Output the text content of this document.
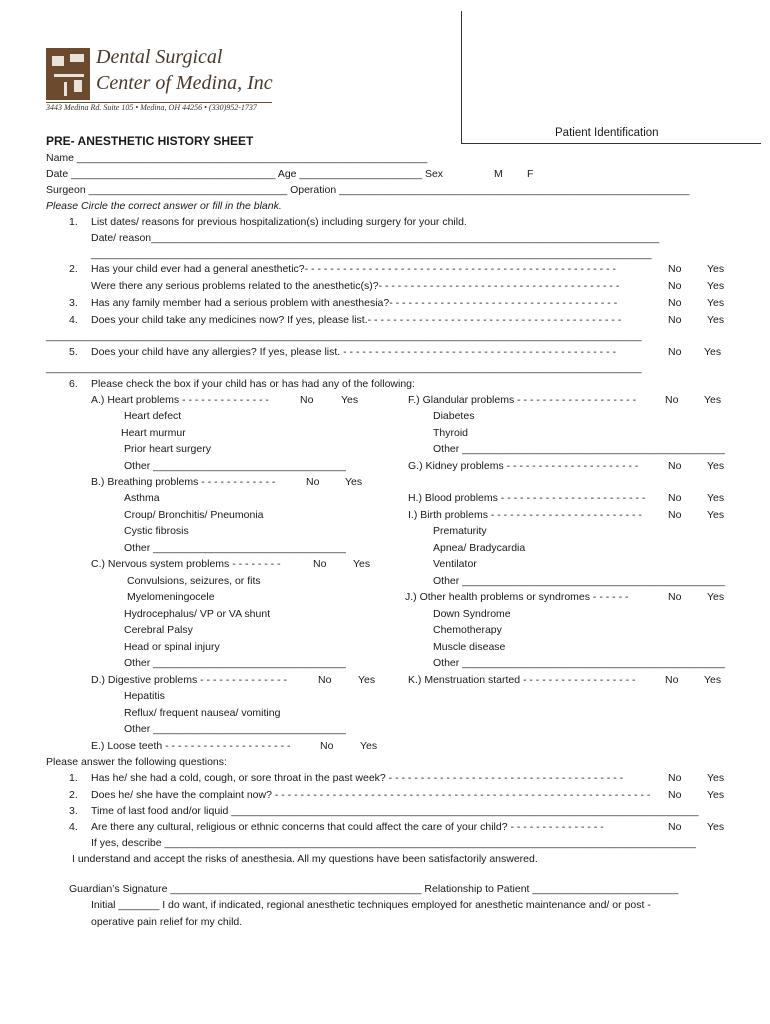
Dental Surgical
Center of Medina, Inc
3443 Medina Rd. Suite 105 • Medina, OH 44256 • (330)952-1737
Patient Identification
PRE- ANESTHETIC HISTORY SHEET
Name ____________________________________________________________
Date ___________________________________ Age _____________________ Sex	M F
Surgeon __________________________________ Operation ____________________________________________________________
Please Circle the correct answer or fill in the blank.
1. List dates/ reasons for previous hospitalization(s) including surgery for your child.
Date/ reason_______________________________________________________________________________________
________________________________________________________________________________________________
2. Has your child ever had a general anesthetic?- - - - - - - - - - - - - - - - - - - - - - - - - - - - - - - - - - - - - - - - - - - - - - - - -	No Yes
Were there any serious problems related to the anesthetic(s)?- - - - - - - - - - - - - - - - - - - - - - - - - - - - - - - - - - - - - -	No Yes
3. Has any family member had a serious problem with anesthesia?- - - - - - - - - - - - - - - - - - - - - - - - - - - - - - - - - - - -	No Yes
4. Does your child take any medicines now? If yes, please list.- - - - - - - - - - - - - - - - - - - - - - - - - - - - - - - - - - - - - - - -	No Yes
______________________________________________________________________________________________________
5. Does your child have any allergies? If yes, please list. - - - - - - - - - - - - - - - - - - - - - - - - - - - - - - - - - - - - - - - - - - -	No Yes
______________________________________________________________________________________________________
6. Please check the box if your child has or has had any of the following:
A.) Heart problems - - - - - - - - - - - - - -	No	Yes
Heart defect
Heart murmur
Prior heart surgery
Other _________________________________
B.) Breathing problems - - - - - - - - - - - -	No Yes
Asthma
Croup/ Bronchitis/ Pneumonia
Cystic fibrosis
Other _________________________________
C.) Nervous system problems - - - - - - - -	No	Yes
Convulsions, seizures, or fits
Myelomeningocele
Hydrocephalus/ VP or VA shunt
Cerebral Palsy
Head or spinal injury
Other _________________________________
D.) Digestive problems - - - - - - - - - - - - - -	No	Yes
Hepatitis
Reflux/ frequent nausea/ vomiting
Other _________________________________
E.) Loose teeth - - - - - - - - - - - - - - - - - - - -	No	Yes
F.) Glandular problems - - - - - - - - - - - - - - - - - - -	No Yes
Diabetes
Thyroid
Other _____________________________________________
G.) Kidney problems - - - - - - - - - - - - - - - - - - - - -	No Yes
H.) Blood problems - - - - - - - - - - - - - - - - - - - - - - - No Yes
I.) Birth problems - - - - - - - - - - - - - - - - - - - - - - - - No Yes
Prematurity
Apnea/ Bradycardia
Ventilator
Other _____________________________________________
J.) Other health problems or syndromes - - - - - -	No Yes
Down Syndrome
Chemotherapy
Muscle disease
Other _____________________________________________
K.) Menstruation started - - - - - - - - - - - - - - - - - -	No Yes
Please answer the following questions:
1. Has he/ she had a cold, cough, or sore throat in the past week? - - - - - - - - - - - - - - - - - - - - - - - - - - - - - - - - - - - - -	No Yes
2. Does he/ she have the complaint now? - - - - - - - - - - - - - - - - - - - - - - - - - - - - - - - - - - - - - - - - - - - - - - - - - - - - - - - - - - - No Yes
3. Time of last food and/or liquid ________________________________________________________________________________
4. Are there any cultural, religious or ethnic concerns that could affect the care of your child? - - - - - - - - - - - - - - -	No Yes
If yes, describe ___________________________________________________________________________________________
I understand and accept the risks of anesthesia. All my questions have been satisfactorily answered.
Guardian’s Signature ___________________________________________ Relationship to Patient _________________________
Initial _______ I do want, if indicated, regional anesthetic techniques employed for anesthetic maintenance and/ or post -
operative pain relief for my child.
